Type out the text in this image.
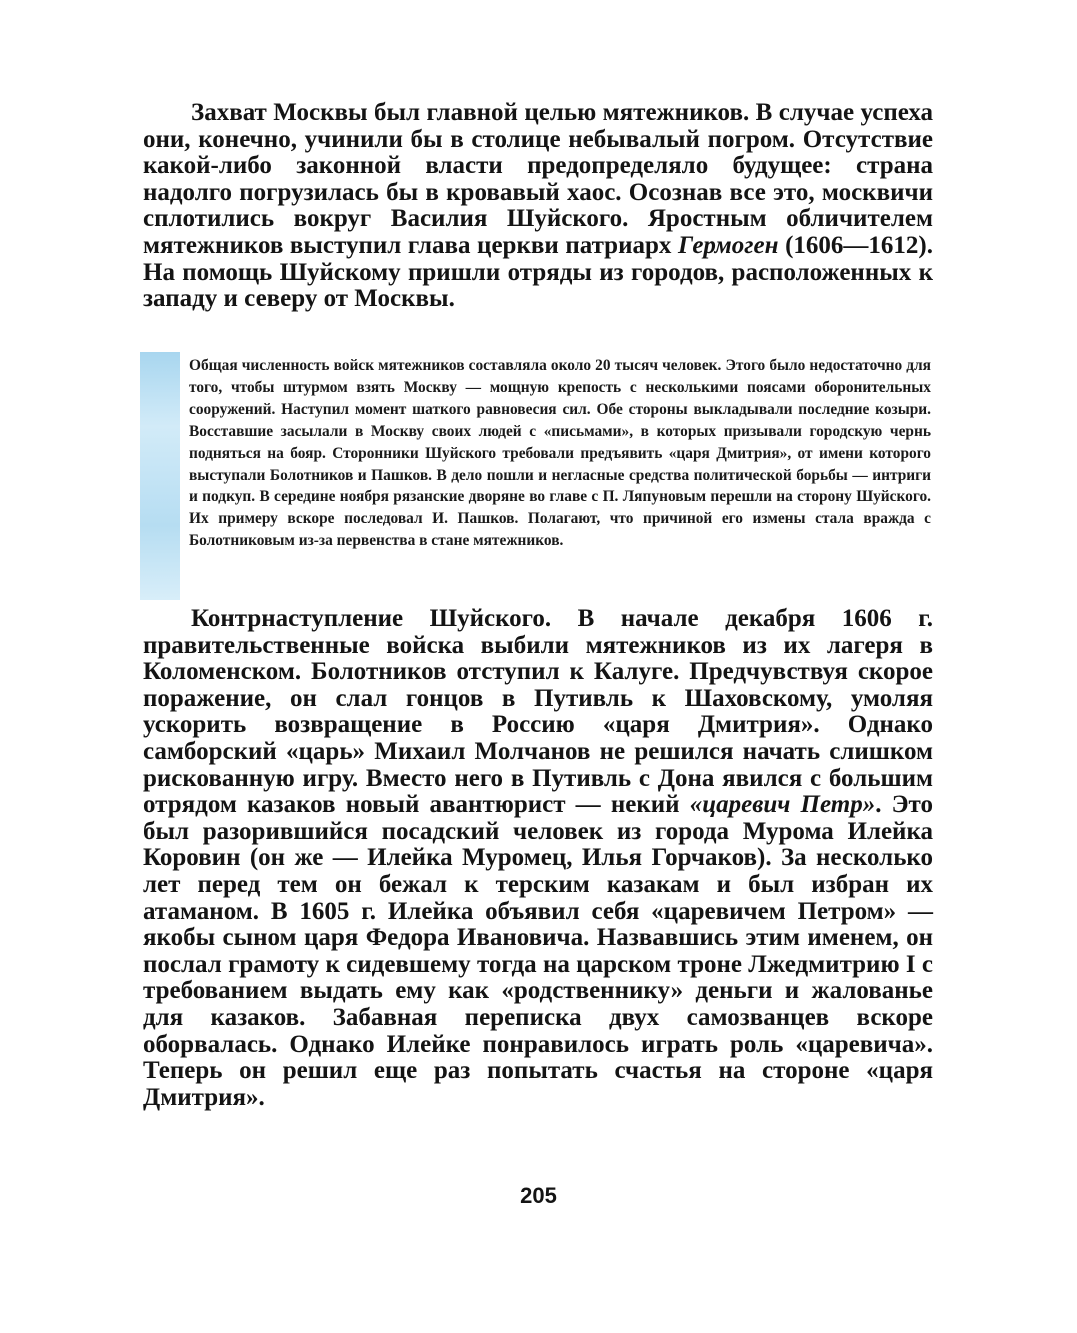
Захват Москвы был главной целью мятежников. В случае успеха они, конечно, учинили бы в столице небывалый погром. Отсутствие какой-либо законной власти предопределяло будущее: страна надолго погрузилась бы в кровавый хаос. Осознав все это, москвичи сплотились вокруг Василия Шуйского. Яростным обличителем мятежников выступил глава церкви патриарх Гермоген (1606—1612). На помощь Шуйскому пришли отряды из городов, расположенных к западу и северу от Москвы.

Общая численность войск мятежников составляла около 20 тысяч человек. Этого было недостаточно для того, чтобы штурмом взять Москву — мощную крепость с несколькими поясами оборонительных сооружений. Наступил момент шаткого равновесия сил. Обе стороны выкладывали последние козыри. Восставшие засылали в Москву своих людей с «письмами», в которых призывали городскую чернь подняться на бояр. Сторонники Шуйского требовали предъявить «царя Дмитрия», от имени которого выступали Болотников и Пашков. В дело пошли и негласные средства политической борьбы — интриги и подкуп. В середине ноября рязанские дворяне во главе с П. Ляпуновым перешли на сторону Шуйского. Их примеру вскоре последовал И. Пашков. Полагают, что причиной его измены стала вражда с Болотниковым из-за первенства в стане мятежников.

Контрнаступление Шуйского. В начале декабря 1606 г. правительственные войска выбили мятежников из их лагеря в Коломенском. Болотников отступил к Калуге. Предчувствуя скорое поражение, он слал гонцов в Путивль к Шаховскому, умоляя ускорить возвращение в Россию «царя Дмитрия». Однако самборский «царь» Михаил Молчанов не решился начать слишком рискованную игру. Вместо него в Путивль с Дона явился с большим отрядом казаков новый авантюрист — некий «царевич Петр». Это был разорившийся посадский человек из города Мурома Илейка Коровин (он же — Илейка Муромец, Илья Горчаков). За несколько лет перед тем он бежал к терским казакам и был избран их атаманом. В 1605 г. Илейка объявил себя «царевичем Петром» — якобы сыном царя Федора Ивановича. Назвавшись этим именем, он послал грамоту к сидевшему тогда на царском троне Лжедмитрию I с требованием выдать ему как «родственнику» деньги и жалованье для казаков. Забавная переписка двух самозванцев вскоре оборвалась. Однако Илейке понравилось играть роль «царевича». Теперь он решил еще раз попытать счастья на стороне «царя Дмитрия».

205
